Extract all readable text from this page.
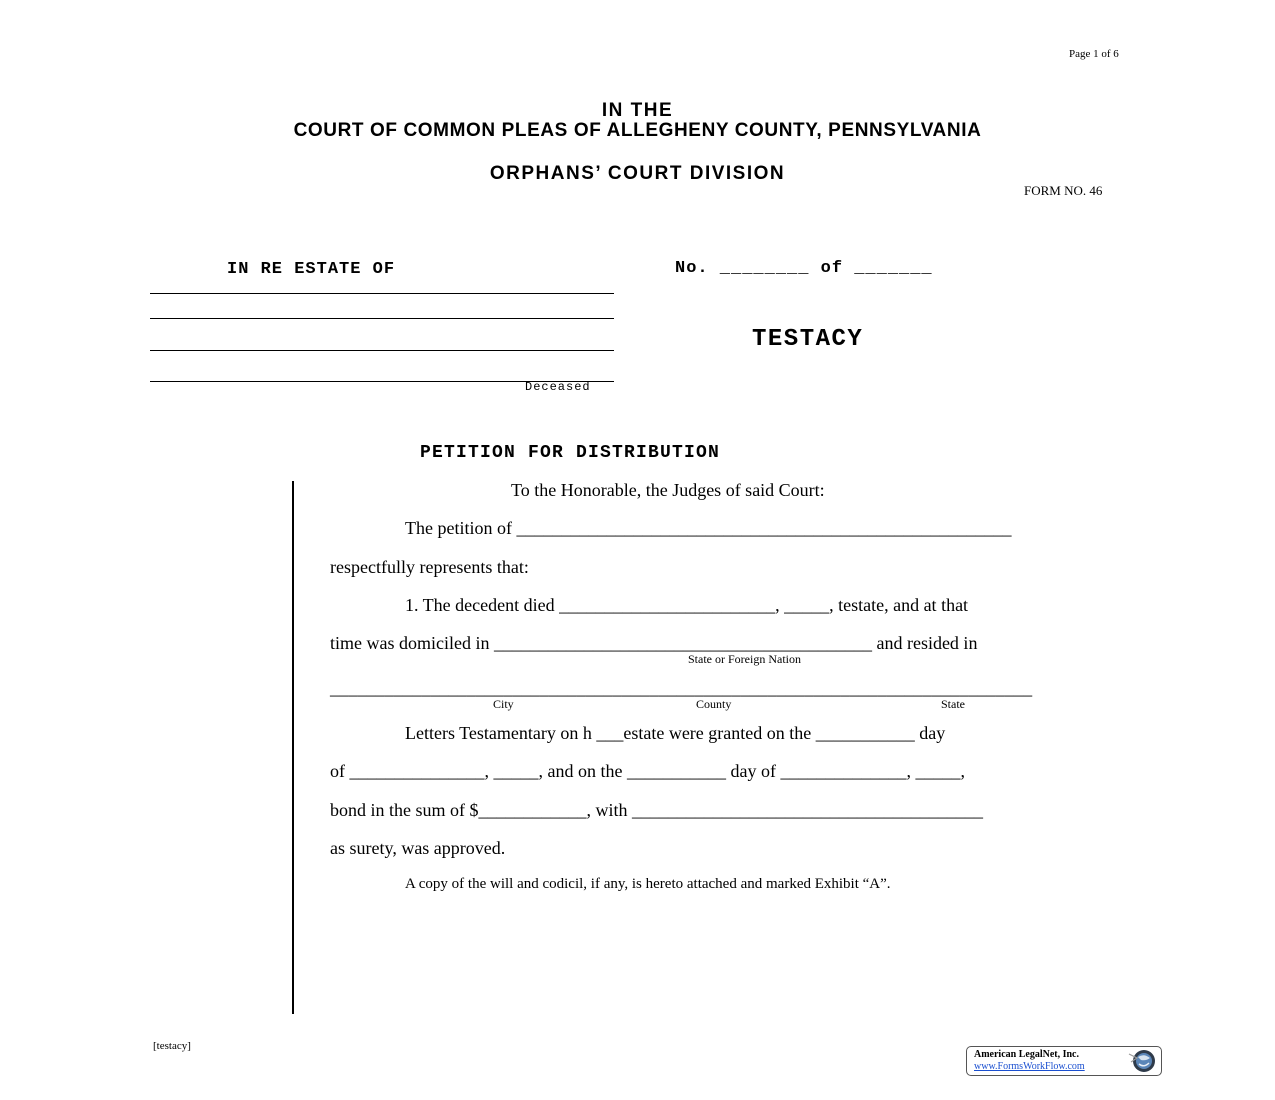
Page 1 of 6
IN THE
COURT OF COMMON PLEAS OF ALLEGHENY COUNTY, PENNSYLVANIA
ORPHANS’ COURT DIVISION
FORM NO. 46
IN RE ESTATE OF
Deceased
No. ________ of _______
TESTACY
PETITION FOR DISTRIBUTION
To the Honorable, the Judges of said Court:
The petition of _______________________________________________________
respectfully represents that:
1. The decedent died ________________________, _____, testate, and at that
time was domiciled in __________________________________________ and resided in
State or Foreign Nation
_____________________________________________________________________________
City	County	State
Letters Testamentary on h ___estate were granted on the ___________ day
of _______________, _____, and on the ___________ day of ______________, _____,
bond in the sum of $____________, with _______________________________________
as surety, was approved.
A copy of the will and codicil, if any, is hereto attached and marked Exhibit “A”.
[testacy]
American LegalNet, Inc.
www.FormsWorkFlow.com
